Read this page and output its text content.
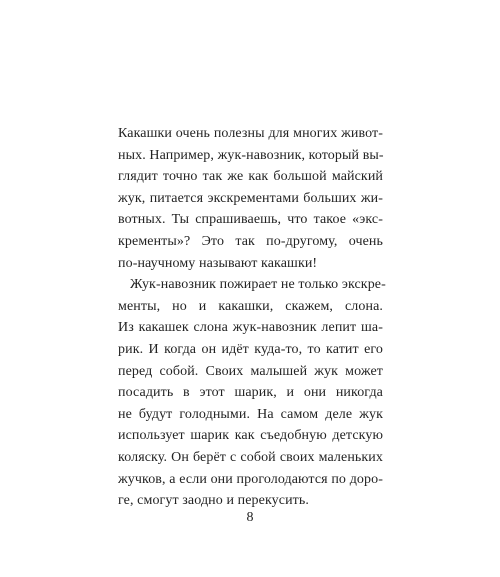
Какашки очень полезны для многих живот-
ных. Например, жук-навозник, который вы-
глядит точно так же как большой майский
жук, питается экскрементами больших жи-
вотных. Ты спрашиваешь, что такое «экс-
кременты»? Это так по-другому, очень
по-научному называют какашки!
Жук-навозник пожирает не только экскре-
менты, но и какашки, скажем, слона.
Из какашек слона жук-навозник лепит ша-
рик. И когда он идёт куда-то, то катит его
перед собой. Своих малышей жук может
посадить в этот шарик, и они никогда
не будут голодными. На самом деле жук
использует шарик как съедобную детскую
коляску. Он берёт с собой своих маленьких
жучков, а если они проголодаются по доро-
ге, смогут заодно и перекусить.
8
